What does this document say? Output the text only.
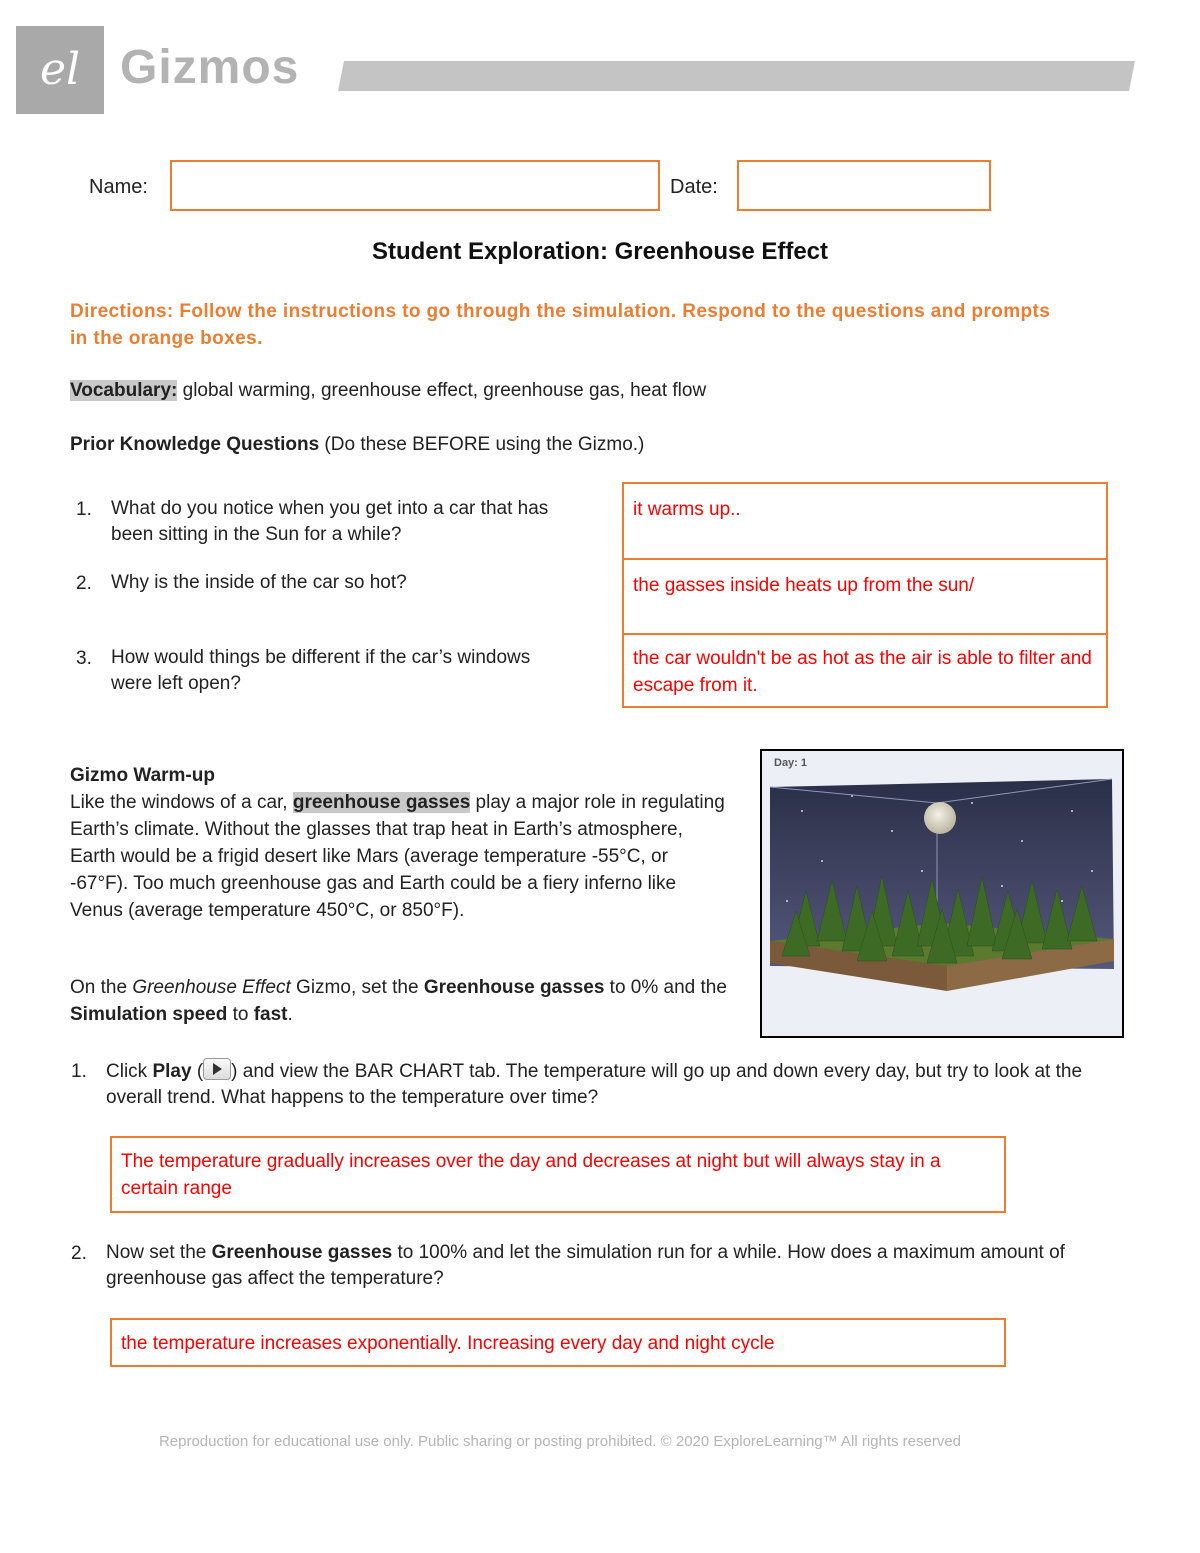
el Gizmos
Name:	Date:
Student Exploration: Greenhouse Effect
Directions: Follow the instructions to go through the simulation. Respond to the questions and prompts in the orange boxes.
Vocabulary: global warming, greenhouse effect, greenhouse gas, heat flow
Prior Knowledge Questions (Do these BEFORE using the Gizmo.)
1. What do you notice when you get into a car that has
been sitting in the Sun for a while?
2. Why is the inside of the car so hot?
3. How would things be different if the car’s windows
were left open?
it warms up..
the gasses inside heats up from the sun/
the car wouldn't be as hot as the air is able to filter and escape from it.
Gizmo Warm-up
Like the windows of a car, greenhouse gasses play a major role in regulating Earth’s climate. Without the glasses that trap heat in Earth’s atmosphere, Earth would be a frigid desert like Mars (average temperature -55°C, or -67°F). Too much greenhouse gas and Earth could be a fiery inferno like Venus (average temperature 450°C, or 850°F).
On the Greenhouse Effect Gizmo, set the Greenhouse gasses to 0% and the Simulation speed to fast.
Day: 1
1. Click Play ( ) and view the BAR CHART tab. The temperature will go up and down every day, but try to look at the overall trend. What happens to the temperature over time?
The temperature gradually increases over the day and decreases at night but will always stay in a certain range
2. Now set the Greenhouse gasses to 100% and let the simulation run for a while. How does a maximum amount of greenhouse gas affect the temperature?
the temperature increases exponentially. Increasing every day and night cycle
Reproduction for educational use only. Public sharing or posting prohibited. © 2020 ExploreLearning™ All rights reserved
